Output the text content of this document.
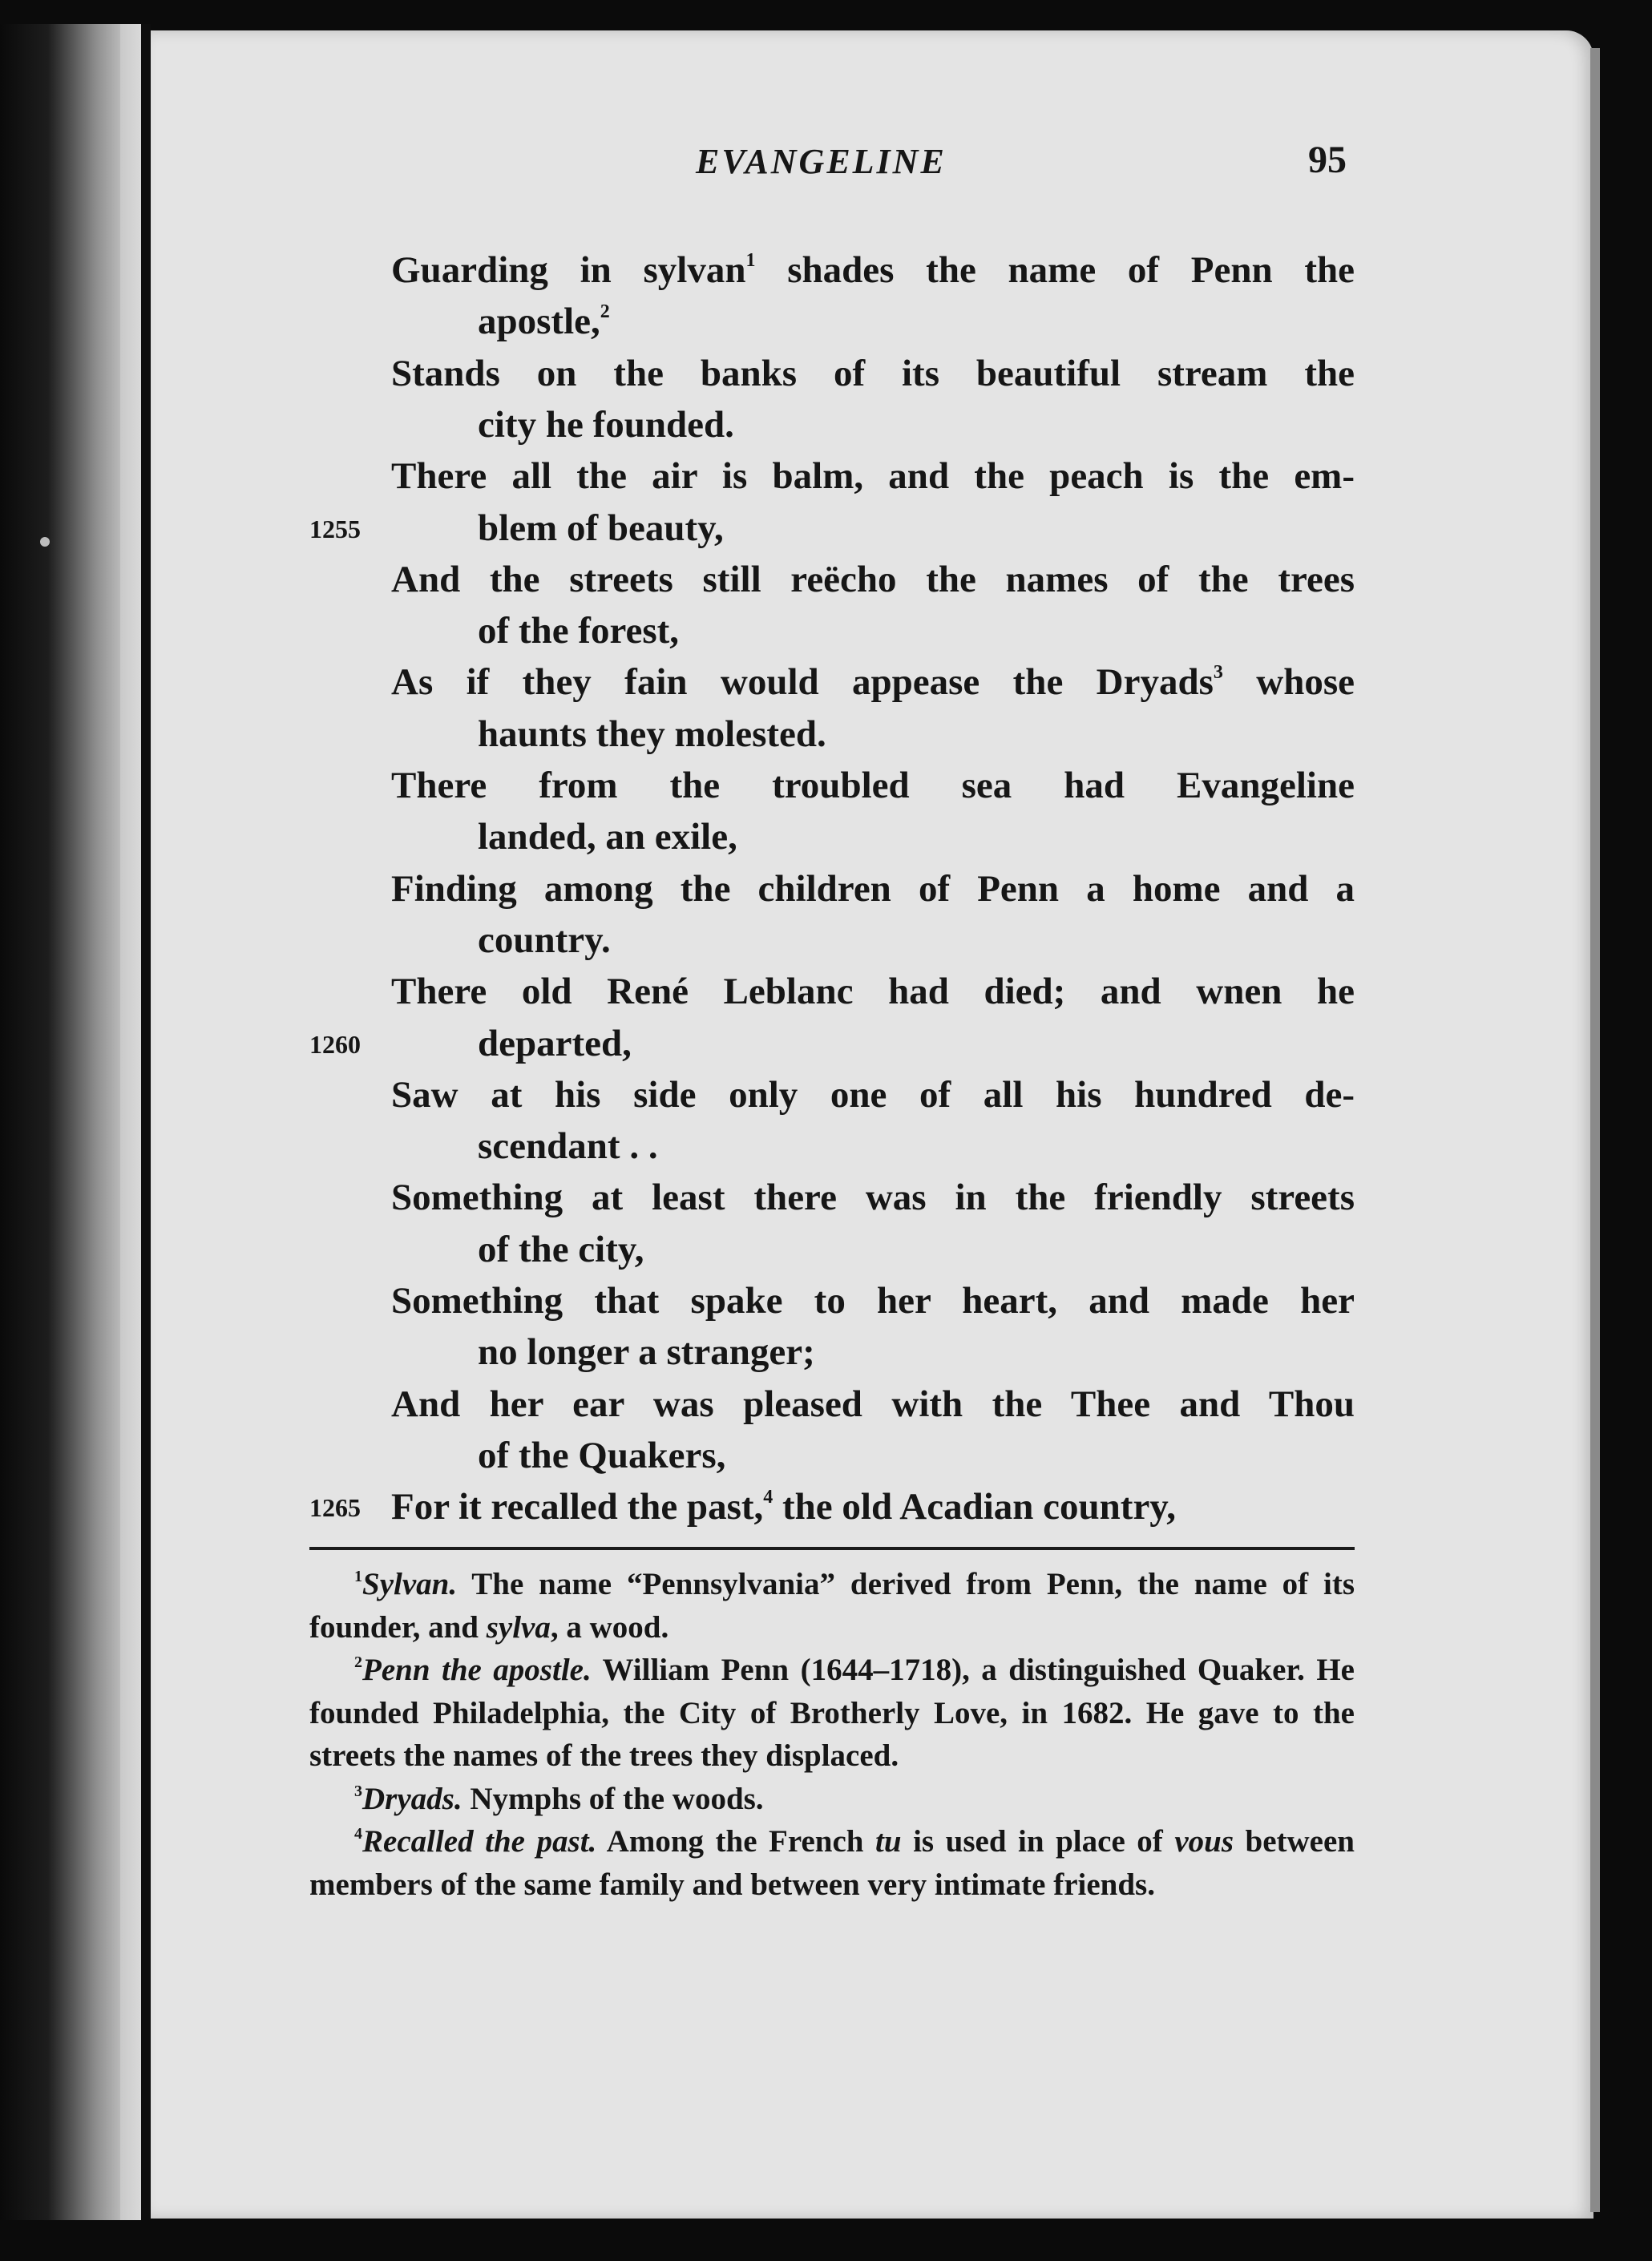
EVANGELINE	95
Guarding in sylvan$^1$ shades the name of Penn the
apostle,$^2$
Stands on the banks of its beautiful stream the
city he founded.
There all the air is balm, and the peach is the em-
blem of beauty,
And the streets still reëcho the names of the trees
of the forest,
As if they fain would appease the Dryads$^3$ whose
haunts they molested.
There from the troubled sea had Evangeline
landed, an exile,
Finding among the children of Penn a home and a
country.
There old René Leblanc had died; and wnen he
departed,
Saw at his side only one of all his hundred de-
scendant . .
Something at least there was in the friendly streets
of the city,
Something that spake to her heart, and made her
no longer a stranger;
And her ear was pleased with the Thee and Thou
of the Quakers,
For it recalled the past,$^4$ the old Acadian country,
1255
1260
1265

$^1$Sylvan. The name “Pennsylvania” derived from Penn, the name of its founder, and sylva, a wood.

$^2$Penn the apostle. William Penn (1644–1718), a distinguished Quaker. He founded Philadelphia, the City of Brotherly Love, in 1682. He gave to the streets the names of the trees they displaced.

$^3$Dryads. Nymphs of the woods.

$^4$Recalled the past. Among the French tu is used in place of vous between members of the same family and between very intimate friends.
